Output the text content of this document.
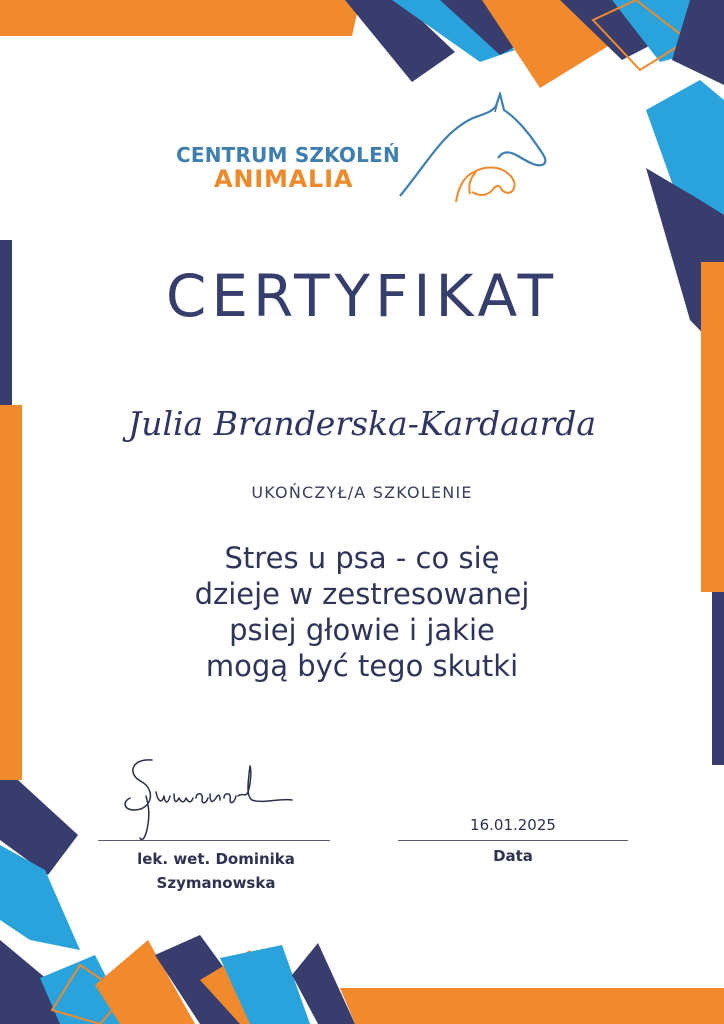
CENTRUM SZKOLEŃ
ANIMALIA
CERTYFIKAT
Julia Branderska-Kardaarda
UKOŃCZYŁ/A SZKOLENIE
Stres u psa - co się
dzieje w zestresowanej
psiej głowie i jakie
mogą być tego skutki
lek. wet. Dominika
Szymanowska
16.01.2025
Data
